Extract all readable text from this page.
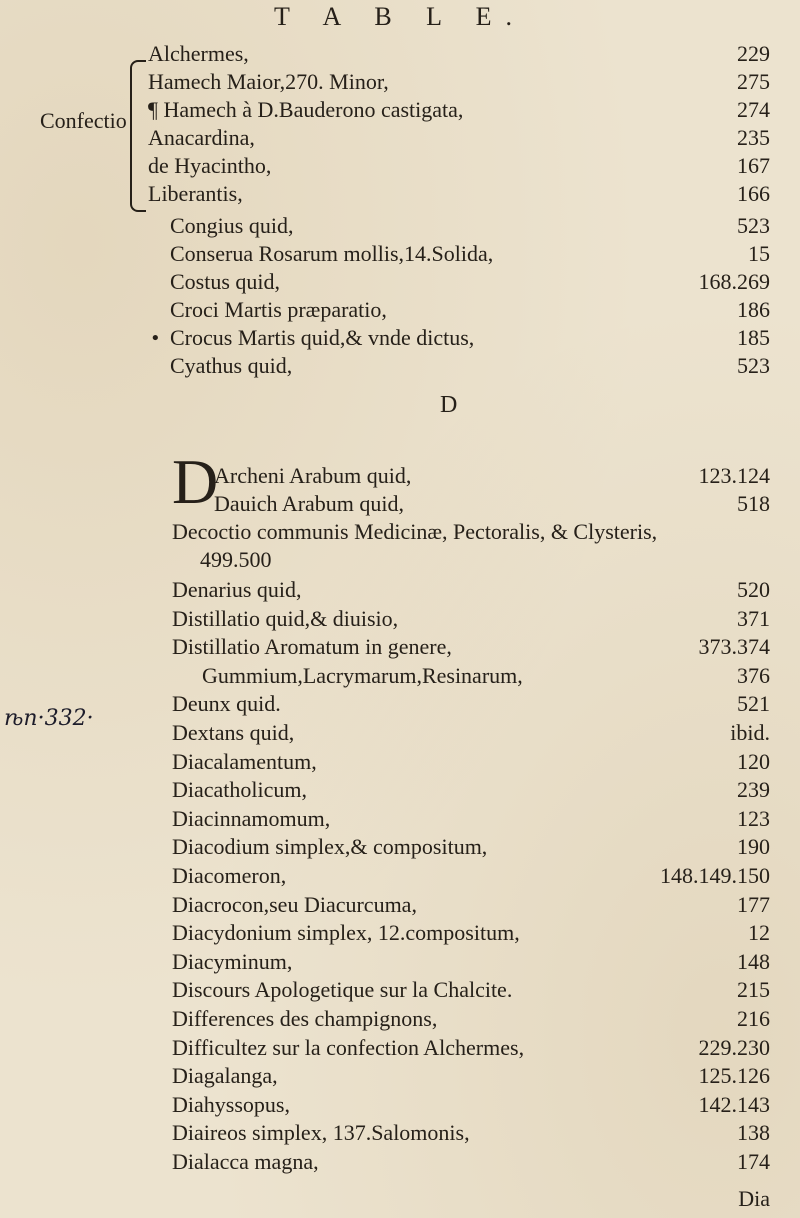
T A B L E.
Confectio
Alchermes,	229
Hamech Maior,270. Minor,	275
¶ Hamech à D.Bauderono castigata,	274
Anacardina,	235
de Hyacintho,	167
Liberantis,	166
Congius quid,	523
Conserua Rosarum mollis,14.Solida,	15
Costus quid,	168.269
Croci Martis præparatio,	186
Crocus Martis quid,& vnde dictus,	185
Cyathus quid,	523
•
D
D
Archeni Arabum quid,	123.124
Dauich Arabum quid,	518
Decoctio communis Medicinæ, Pectoralis, & Clysteris,
499.500
ѣn·332·
Denarius quid,	520
Distillatio quid,& diuisio,	371
Distillatio Aromatum in genere,	373.374
Gummium,Lacrymarum,Resinarum,	376
Deunx quid.	521
Dextans quid,	ibid.
Diacalamentum,	120
Diacatholicum,	239
Diacinnamomum,	123
Diacodium simplex,& compositum,	190
Diacomeron,	148.149.150
Diacrocon,seu Diacurcuma,	177
Diacydonium simplex, 12.compositum,	12
Diacyminum,	148
Discours Apologetique sur la Chalcite.	215
Differences des champignons,	216
Difficultez sur la confection Alchermes,	229.230
Diagalanga,	125.126
Diahyssopus,	142.143
Diaireos simplex, 137.Salomonis,	138
Dialacca magna,	174
Dia
